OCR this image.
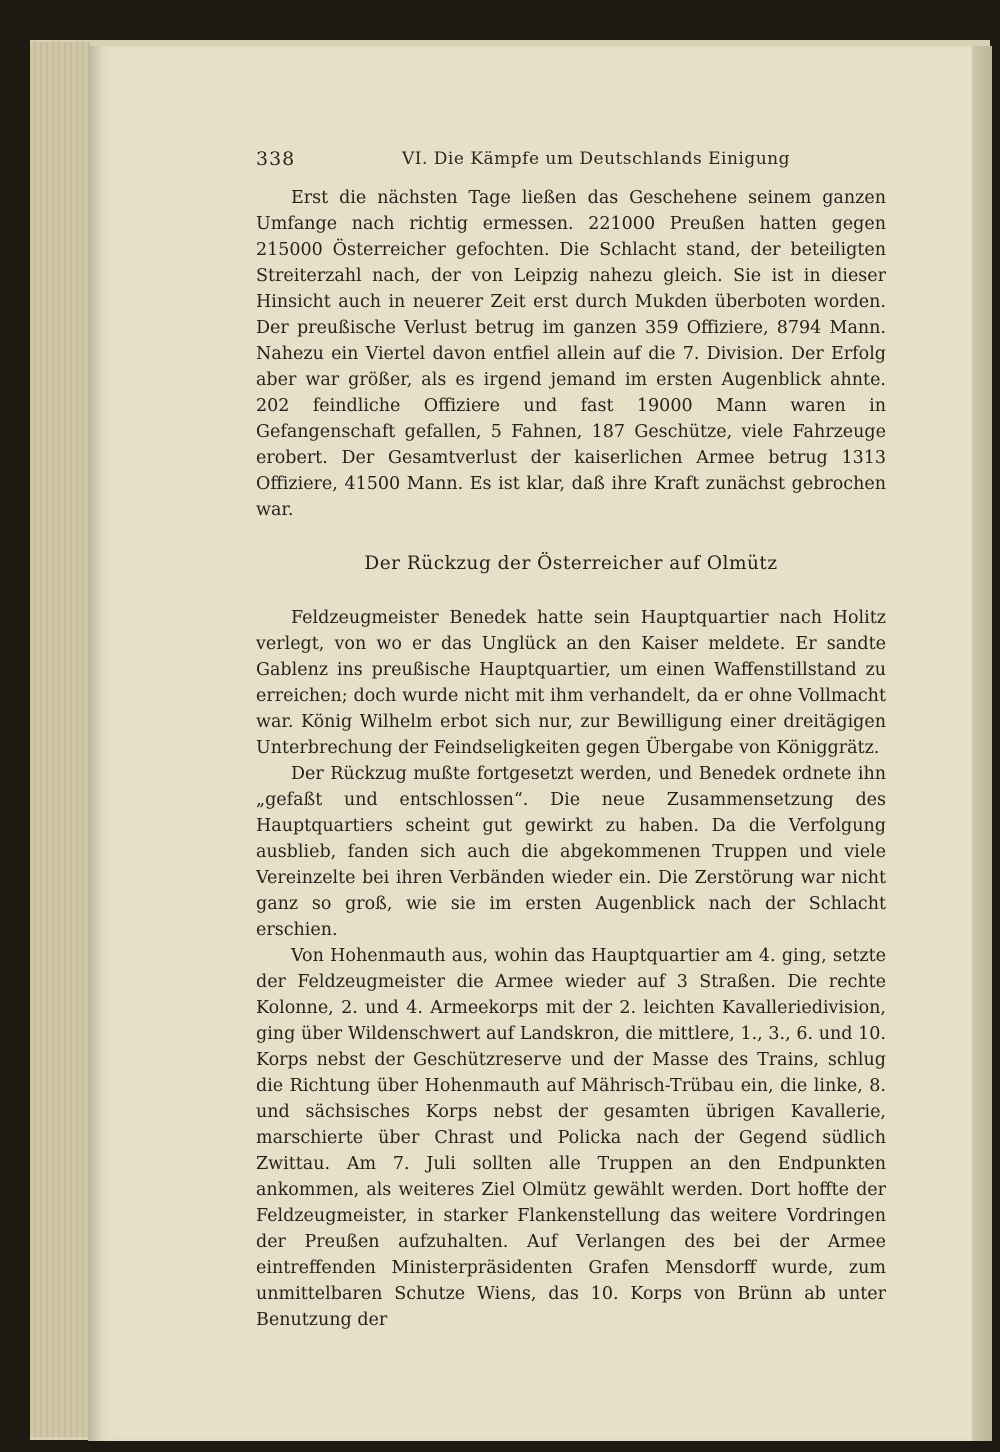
338	VI. Die Kämpfe um Deutschlands Einigung

Erst die nächsten Tage ließen das Geschehene seinem ganzen Umfange nach richtig ermessen. 221000 Preußen hatten gegen 215000 Österreicher gefochten. Die Schlacht stand, der beteiligten Streiterzahl nach, der von Leipzig nahezu gleich. Sie ist in dieser Hinsicht auch in neuerer Zeit erst durch Mukden überboten worden. Der preußische Verlust betrug im ganzen 359 Offiziere, 8794 Mann. Nahezu ein Viertel davon entfiel allein auf die 7. Division. Der Erfolg aber war größer, als es irgend jemand im ersten Augenblick ahnte. 202 feindliche Offiziere und fast 19000 Mann waren in Gefangenschaft gefallen, 5 Fahnen, 187 Geschütze, viele Fahrzeuge erobert. Der Gesamtverlust der kaiserlichen Armee betrug 1313 Offiziere, 41500 Mann. Es ist klar, daß ihre Kraft zunächst gebrochen war.

Der Rückzug der Österreicher auf Olmütz

Feldzeugmeister Benedek hatte sein Hauptquartier nach Holitz verlegt, von wo er das Unglück an den Kaiser meldete. Er sandte Gablenz ins preußische Hauptquartier, um einen Waffenstillstand zu erreichen; doch wurde nicht mit ihm verhandelt, da er ohne Vollmacht war. König Wilhelm erbot sich nur, zur Bewilligung einer dreitägigen Unterbrechung der Feindseligkeiten gegen Übergabe von Königgrätz.

Der Rückzug mußte fortgesetzt werden, und Benedek ordnete ihn „gefaßt und entschlossen“. Die neue Zusammensetzung des Hauptquartiers scheint gut gewirkt zu haben. Da die Verfolgung ausblieb, fanden sich auch die abgekommenen Truppen und viele Vereinzelte bei ihren Verbänden wieder ein. Die Zerstörung war nicht ganz so groß, wie sie im ersten Augenblick nach der Schlacht erschien.

Von Hohenmauth aus, wohin das Hauptquartier am 4. ging, setzte der Feldzeugmeister die Armee wieder auf 3 Straßen. Die rechte Kolonne, 2. und 4. Armeekorps mit der 2. leichten Kavalleriedivision, ging über Wildenschwert auf Landskron, die mittlere, 1., 3., 6. und 10. Korps nebst der Geschützreserve und der Masse des Trains, schlug die Richtung über Hohenmauth auf Mährisch-Trübau ein, die linke, 8. und sächsisches Korps nebst der gesamten übrigen Kavallerie, marschierte über Chrast und Policka nach der Gegend südlich Zwittau. Am 7. Juli sollten alle Truppen an den Endpunkten ankommen, als weiteres Ziel Olmütz gewählt werden. Dort hoffte der Feldzeugmeister, in starker Flankenstellung das weitere Vordringen der Preußen aufzuhalten. Auf Verlangen des bei der Armee eintreffenden Ministerpräsidenten Grafen Mensdorff wurde, zum unmittelbaren Schutze Wiens, das 10. Korps von Brünn ab unter Benutzung der
